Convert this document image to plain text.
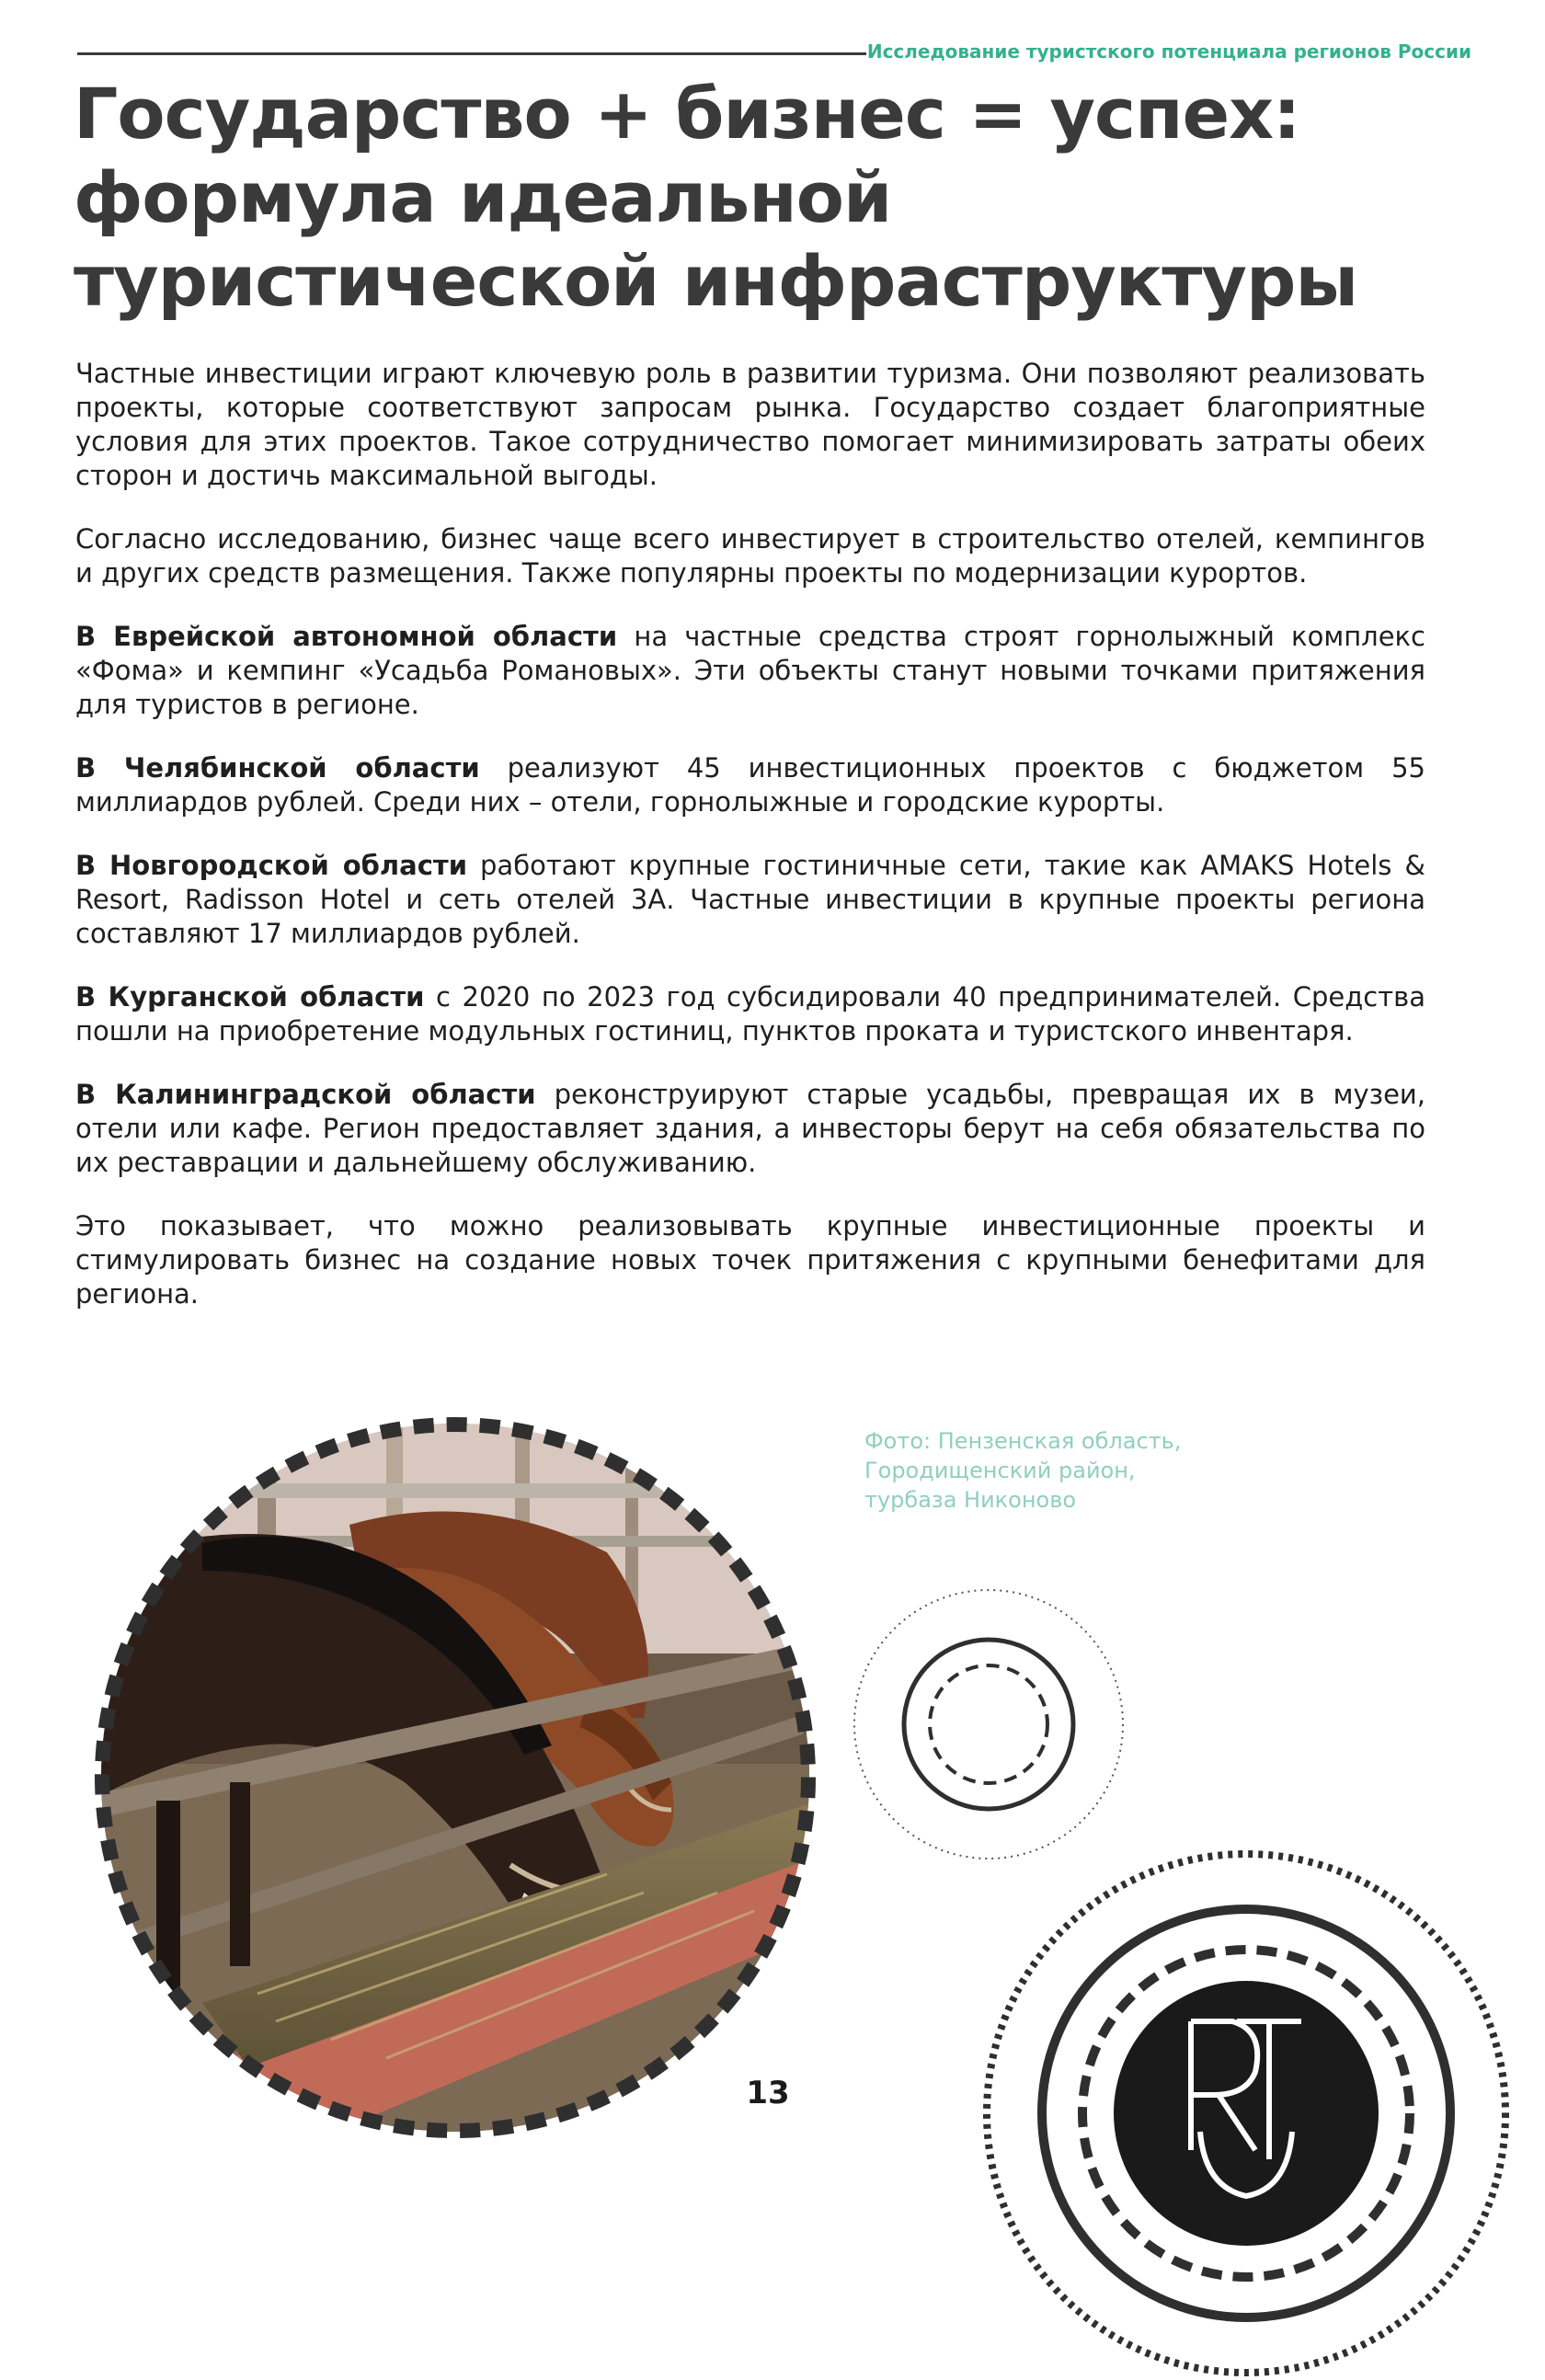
Исследование туристского потенциала регионов России
Государство + бизнес = успех:
формула идеальной
туристической инфраструктуры

Частные инвестиции играют ключевую роль в развитии туризма. Они позволяют реализовать проекты, которые соответствуют запросам рынка. Государство создает благоприятные условия для этих проектов. Такое сотрудничество помогает минимизировать затраты обеих сторон и достичь максимальной выгоды.

Согласно исследованию, бизнес чаще всего инвестирует в строительство отелей, кемпингов и других средств размещения. Также популярны проекты по модернизации курортов.

В Еврейской автономной области на частные средства строят горнолыжный комплекс «Фома» и кемпинг «Усадьба Романовых». Эти объекты станут новыми точками притяжения для туристов в регионе.

В Челябинской области реализуют 45 инвестиционных проектов с бюджетом 55 миллиардов рублей. Среди них – отели, горнолыжные и городские курорты.

В Новгородской области работают крупные гостиничные сети, такие как AMAKS Hotels & Resort, Radisson Hotel и сеть отелей 3А. Частные инвестиции в крупные проекты региона составляют 17 миллиардов рублей.

В Курганской области с 2020 по 2023 год субсидировали 40 предпринимателей. Средства пошли на приобретение модульных гостиниц, пунктов проката и туристского инвентаря.

В Калининградской области реконструируют старые усадьбы, превращая их в музеи, отели или кафе. Регион предоставляет здания, а инвесторы берут на себя обязательства по их реставрации и дальнейшему обслуживанию.

Это показывает, что можно реализовывать крупные инвестиционные проекты и стимулировать бизнес на создание новых точек притяжения с крупными бенефитами для региона.

Фото: Пензенская область,
Городищенский район,
турбаза Никоново
13
